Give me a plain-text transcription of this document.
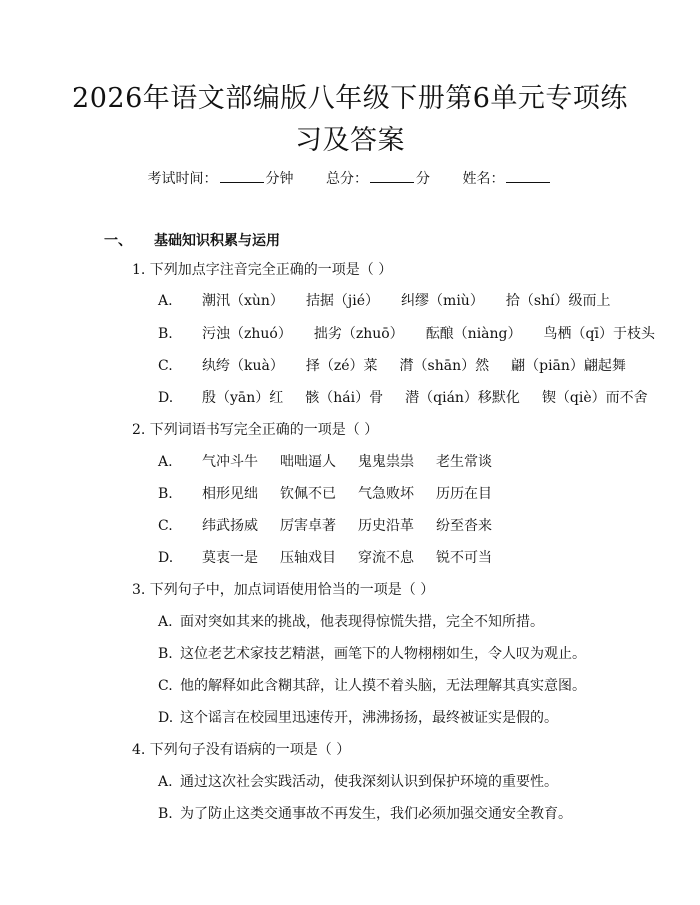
2026年语文部编版八年级下册第6单元专项练习及答案
考试时间：	分钟 总分：	分 姓名：
一、 基础知识积累与运用
1. 下列加点字注音完全正确的一项是（ ）
A. 潮汛（xùn） 拮据（jié） 纠缪（miù） 拾（shí）级而上
B. 污浊（zhuó） 拙劣（zhuō） 酝酿（niàng） 鸟栖（qī）于枝头
C. 纨绔（kuà） 择（zé）菜 潸（shān）然 翩（piān）翩起舞
D. 殷（yān）红 骸（hái）骨 潜（qián）移默化 锲（qiè）而不舍
2. 下列词语书写完全正确的一项是（ ）
A. 气冲斗牛 咄咄逼人 鬼鬼祟祟 老生常谈
B. 相形见绌 钦佩不已 气急败坏 历历在目
C. 纬武扬威 厉害卓著 历史沿革 纷至沓来
D. 莫衷一是 压轴戏目 穿流不息 锐不可当
3. 下列句子中，加点词语使用恰当的一项是（ ）
A. 面对突如其来的挑战，他表现得惊慌失措，完全不知所措。
B. 这位老艺术家技艺精湛，画笔下的人物栩栩如生，令人叹为观止。
C. 他的解释如此含糊其辞，让人摸不着头脑，无法理解其真实意图。
D. 这个谣言在校园里迅速传开，沸沸扬扬，最终被证实是假的。
4. 下列句子没有语病的一项是（ ）
A. 通过这次社会实践活动，使我深刻认识到保护环境的重要性。
B. 为了防止这类交通事故不再发生，我们必须加强交通安全教育。
